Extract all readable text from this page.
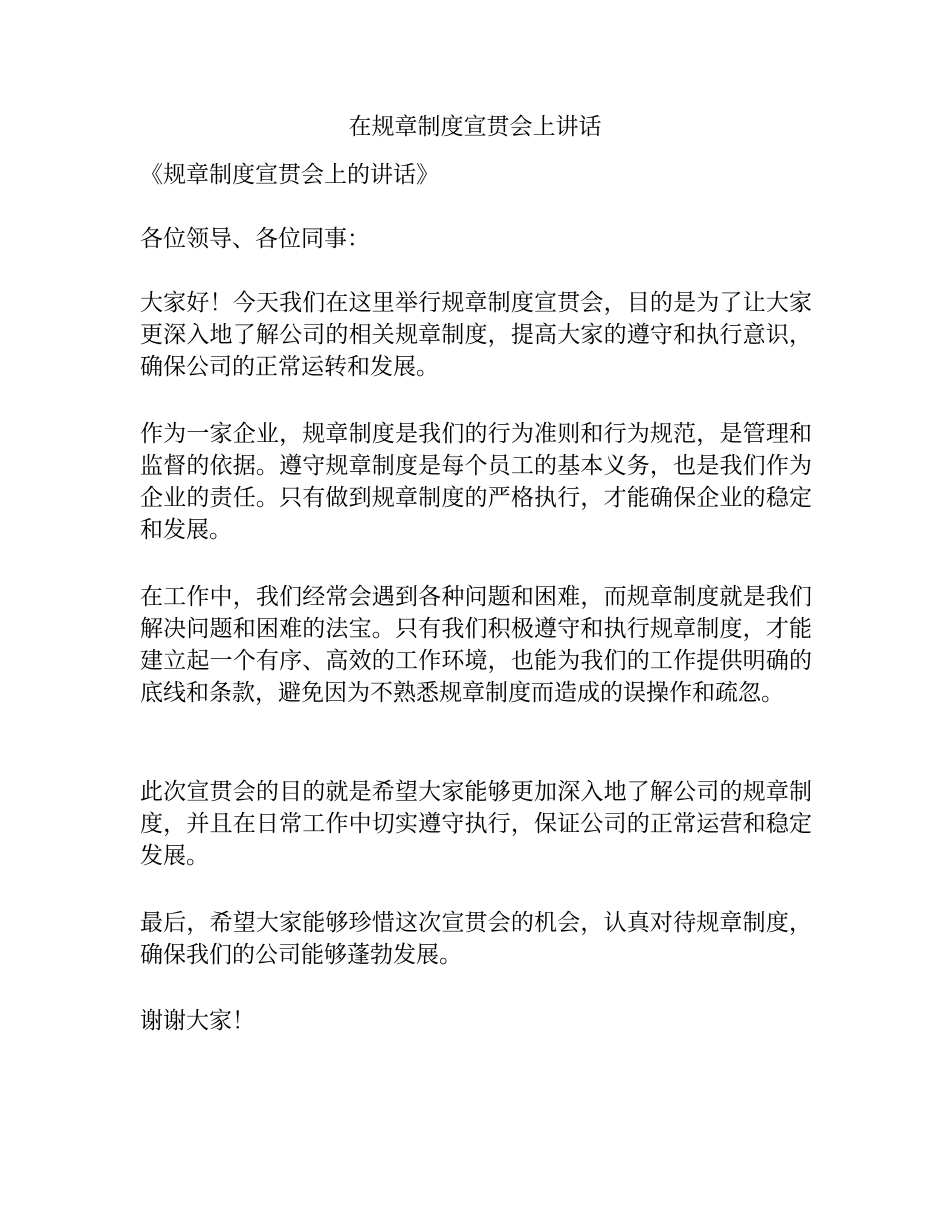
在规章制度宣贯会上讲话

《规章制度宣贯会上的讲话》

各位领导、各位同事：

大家好！今天我们在这里举行规章制度宣贯会，目的是为了让大家更深入地了解公司的相关规章制度，提高大家的遵守和执行意识，确保公司的正常运转和发展。

作为一家企业，规章制度是我们的行为准则和行为规范，是管理和监督的依据。遵守规章制度是每个员工的基本义务，也是我们作为企业的责任。只有做到规章制度的严格执行，才能确保企业的稳定和发展。

在工作中，我们经常会遇到各种问题和困难，而规章制度就是我们解决问题和困难的法宝。只有我们积极遵守和执行规章制度，才能建立起一个有序、高效的工作环境，也能为我们的工作提供明确的底线和条款，避免因为不熟悉规章制度而造成的误操作和疏忽。

此次宣贯会的目的就是希望大家能够更加深入地了解公司的规章制度，并且在日常工作中切实遵守执行，保证公司的正常运营和稳定发展。

最后，希望大家能够珍惜这次宣贯会的机会，认真对待规章制度，确保我们的公司能够蓬勃发展。

谢谢大家！
